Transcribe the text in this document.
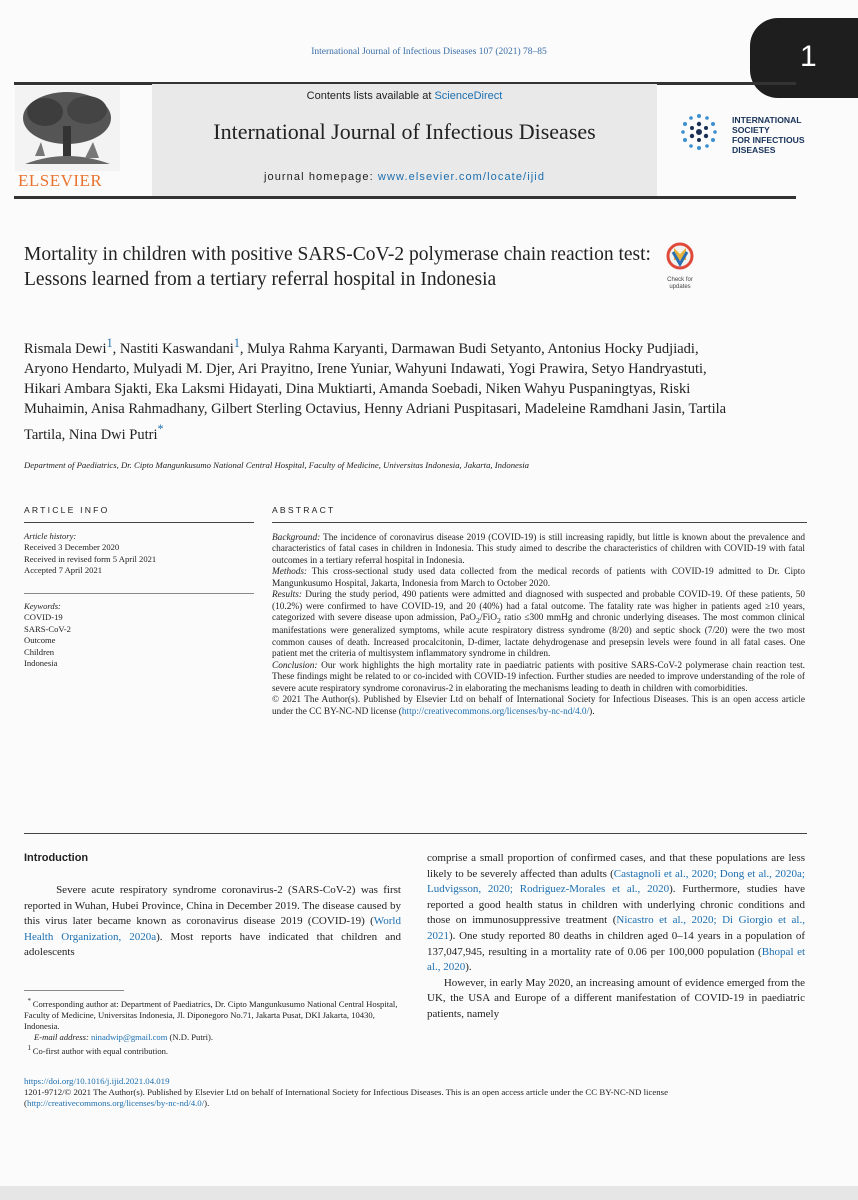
International Journal of Infectious Diseases 107 (2021) 78–85	1
Contents lists available at ScienceDirect
International Journal of Infectious Diseases
journal homepage: www.elsevier.com/locate/ijid
ELSEVIER
INTERNATIONAL
SOCIETY
FOR INFECTIOUS
DISEASES
Mortality in children with positive SARS-CoV-2 polymerase chain reaction test: Lessons learned from a tertiary referral hospital in Indonesia	Check for
updates
Rismala Dewi$^1$, Nastiti Kaswandani$^1$, Mulya Rahma Karyanti, Darmawan Budi Setyanto, Antonius Hocky Pudjiadi, Aryono Hendarto, Mulyadi M. Djer, Ari Prayitno, Irene Yuniar, Wahyuni Indawati, Yogi Prawira, Setyo Handryastuti, Hikari Ambara Sjakti, Eka Laksmi Hidayati, Dina Muktiarti, Amanda Soebadi, Niken Wahyu Puspaningtyas, Riski Muhaimin, Anisa Rahmadhany, Gilbert Sterling Octavius, Henny Adriani Puspitasari, Madeleine Ramdhani Jasin, Tartila Tartila, Nina Dwi Putri*
Department of Paediatrics, Dr. Cipto Mangunkusumo National Central Hospital, Faculty of Medicine, Universitas Indonesia, Jakarta, Indonesia
ARTICLE INFO
Article history:
Received 3 December 2020
Received in revised form 5 April 2021
Accepted 7 April 2021
Keywords:
COVID-19
SARS-CoV-2
Outcome
Children
Indonesia
ABSTRACT

Background: The incidence of coronavirus disease 2019 (COVID-19) is still increasing rapidly, but little is known about the prevalence and characteristics of fatal cases in children in Indonesia. This study aimed to describe the characteristics of children with COVID-19 with fatal outcomes in a tertiary referral hospital in Indonesia.

Methods: This cross-sectional study used data collected from the medical records of patients with COVID-19 admitted to Dr. Cipto Mangunkusumo Hospital, Jakarta, Indonesia from March to October 2020.

Results: During the study period, 490 patients were admitted and diagnosed with suspected and probable COVID-19. Of these patients, 50 (10.2%) were confirmed to have COVID-19, and 20 (40%) had a fatal outcome. The fatality rate was higher in patients aged ≥10 years, categorized with severe disease upon admission, PaO$_2$/FiO$_2$ ratio ≤300 mmHg and chronic underlying diseases. The most common clinical manifestations were generalized symptoms, while acute respiratory distress syndrome (8/20) and septic shock (7/20) were the two most common causes of death. Increased procalcitonin, D-dimer, lactate dehydrogenase and presepsin levels were found in all fatal cases. One patient met the criteria of multisystem inflammatory syndrome in children.

Conclusion: Our work highlights the high mortality rate in paediatric patients with positive SARS-CoV-2 polymerase chain reaction test. These findings might be related to or co-incided with COVID-19 infection. Further studies are needed to improve understanding of the role of severe acute respiratory syndrome coronavirus-2 in elaborating the mechanisms leading to death in children with comorbidities.

© 2021 The Author(s). Published by Elsevier Ltd on behalf of International Society for Infectious Diseases. This is an open access article under the CC BY-NC-ND license (http://creativecommons.org/licenses/by-nc-nd/4.0/).

Introduction
Severe acute respiratory syndrome coronavirus-2 (SARS-CoV-2) was first reported in Wuhan, Hubei Province, China in December 2019. The disease caused by this virus later became known as coronavirus disease 2019 (COVID-19) (World Health Organization, 2020a). Most reports have indicated that children and adolescents
comprise a small proportion of confirmed cases, and that these populations are less likely to be severely affected than adults (Castagnoli et al., 2020; Dong et al., 2020a; Ludvigsson, 2020; Rodriguez-Morales et al., 2020). Furthermore, studies have reported a good health status in children with underlying chronic conditions and those on immunosuppressive treatment (Nicastro et al., 2020; Di Giorgio et al., 2021). One study reported 80 deaths in children aged 0–14 years in a population of 137,047,945, resulting in a mortality rate of 0.06 per 100,000 population (Bhopal et al., 2020).
However, in early May 2020, an increasing amount of evidence emerged from the UK, the USA and Europe of a different manifestation of COVID-19 in paediatric patients, namely
* Corresponding author at: Department of Paediatrics, Dr. Cipto Mangunkusumo National Central Hospital, Faculty of Medicine, Universitas Indonesia, Jl. Diponegoro No.71, Jakarta Pusat, DKI Jakarta, 10430, Indonesia.
E-mail address: ninadwip@gmail.com (N.D. Putri).
$^1$ Co-first author with equal contribution.
https://doi.org/10.1016/j.ijid.2021.04.019
1201-9712/© 2021 The Author(s). Published by Elsevier Ltd on behalf of International Society for Infectious Diseases. This is an open access article under the CC BY-NC-ND license (http://creativecommons.org/licenses/by-nc-nd/4.0/).
